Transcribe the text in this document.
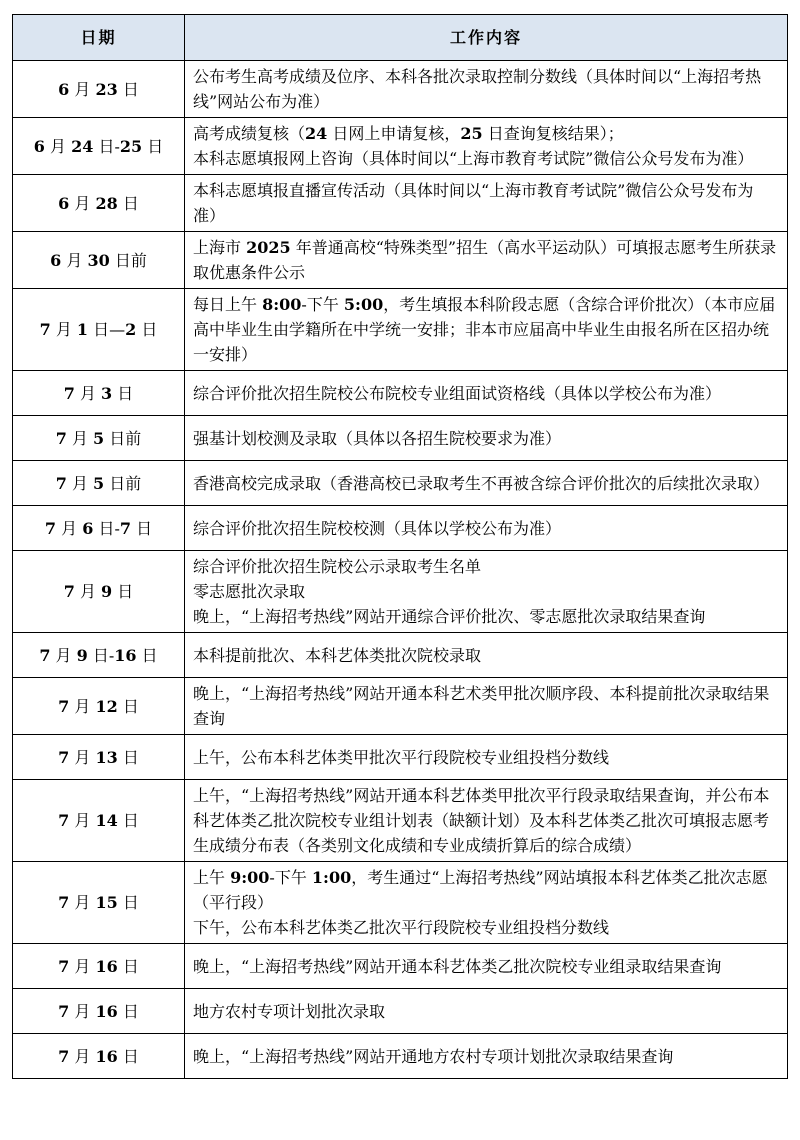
日期	工作内容
6 月 23 日	公布考生高考成绩及位序、本科各批次录取控制分数线（具体时间以“上海招考热线”网站公布为准）
6 月 24 日-25 日	高考成绩复核（24 日网上申请复核，25 日查询复核结果）；
本科志愿填报网上咨询（具体时间以“上海市教育考试院”微信公众号发布为准）
6 月 28 日	本科志愿填报直播宣传活动（具体时间以“上海市教育考试院”微信公众号发布为准）
6 月 30 日前	上海市 2025 年普通高校“特殊类型”招生（高水平运动队）可填报志愿考生所获录取优惠条件公示
7 月 1 日—2 日	每日上午 8:00-下午 5:00，考生填报本科阶段志愿（含综合评价批次）（本市应届高中毕业生由学籍所在中学统一安排；非本市应届高中毕业生由报名所在区招办统一安排）
7 月 3 日	综合评价批次招生院校公布院校专业组面试资格线（具体以学校公布为准）
7 月 5 日前	强基计划校测及录取（具体以各招生院校要求为准）
7 月 5 日前	香港高校完成录取（香港高校已录取考生不再被含综合评价批次的后续批次录取）
7 月 6 日-7 日	综合评价批次招生院校校测（具体以学校公布为准）
7 月 9 日	综合评价批次招生院校公示录取考生名单
零志愿批次录取
晚上，“上海招考热线”网站开通综合评价批次、零志愿批次录取结果查询
7 月 9 日-16 日	本科提前批次、本科艺体类批次院校录取
7 月 12 日	晚上，“上海招考热线”网站开通本科艺术类甲批次顺序段、本科提前批次录取结果查询
7 月 13 日	上午，公布本科艺体类甲批次平行段院校专业组投档分数线
7 月 14 日	上午，“上海招考热线”网站开通本科艺体类甲批次平行段录取结果查询，并公布本科艺体类乙批次院校专业组计划表（缺额计划）及本科艺体类乙批次可填报志愿考生成绩分布表（各类别文化成绩和专业成绩折算后的综合成绩）
7 月 15 日	上午 9:00-下午 1:00，考生通过“上海招考热线”网站填报本科艺体类乙批次志愿（平行段）
下午，公布本科艺体类乙批次平行段院校专业组投档分数线
7 月 16 日	晚上，“上海招考热线”网站开通本科艺体类乙批次院校专业组录取结果查询
7 月 16 日	地方农村专项计划批次录取
7 月 16 日	晚上，“上海招考热线”网站开通地方农村专项计划批次录取结果查询
